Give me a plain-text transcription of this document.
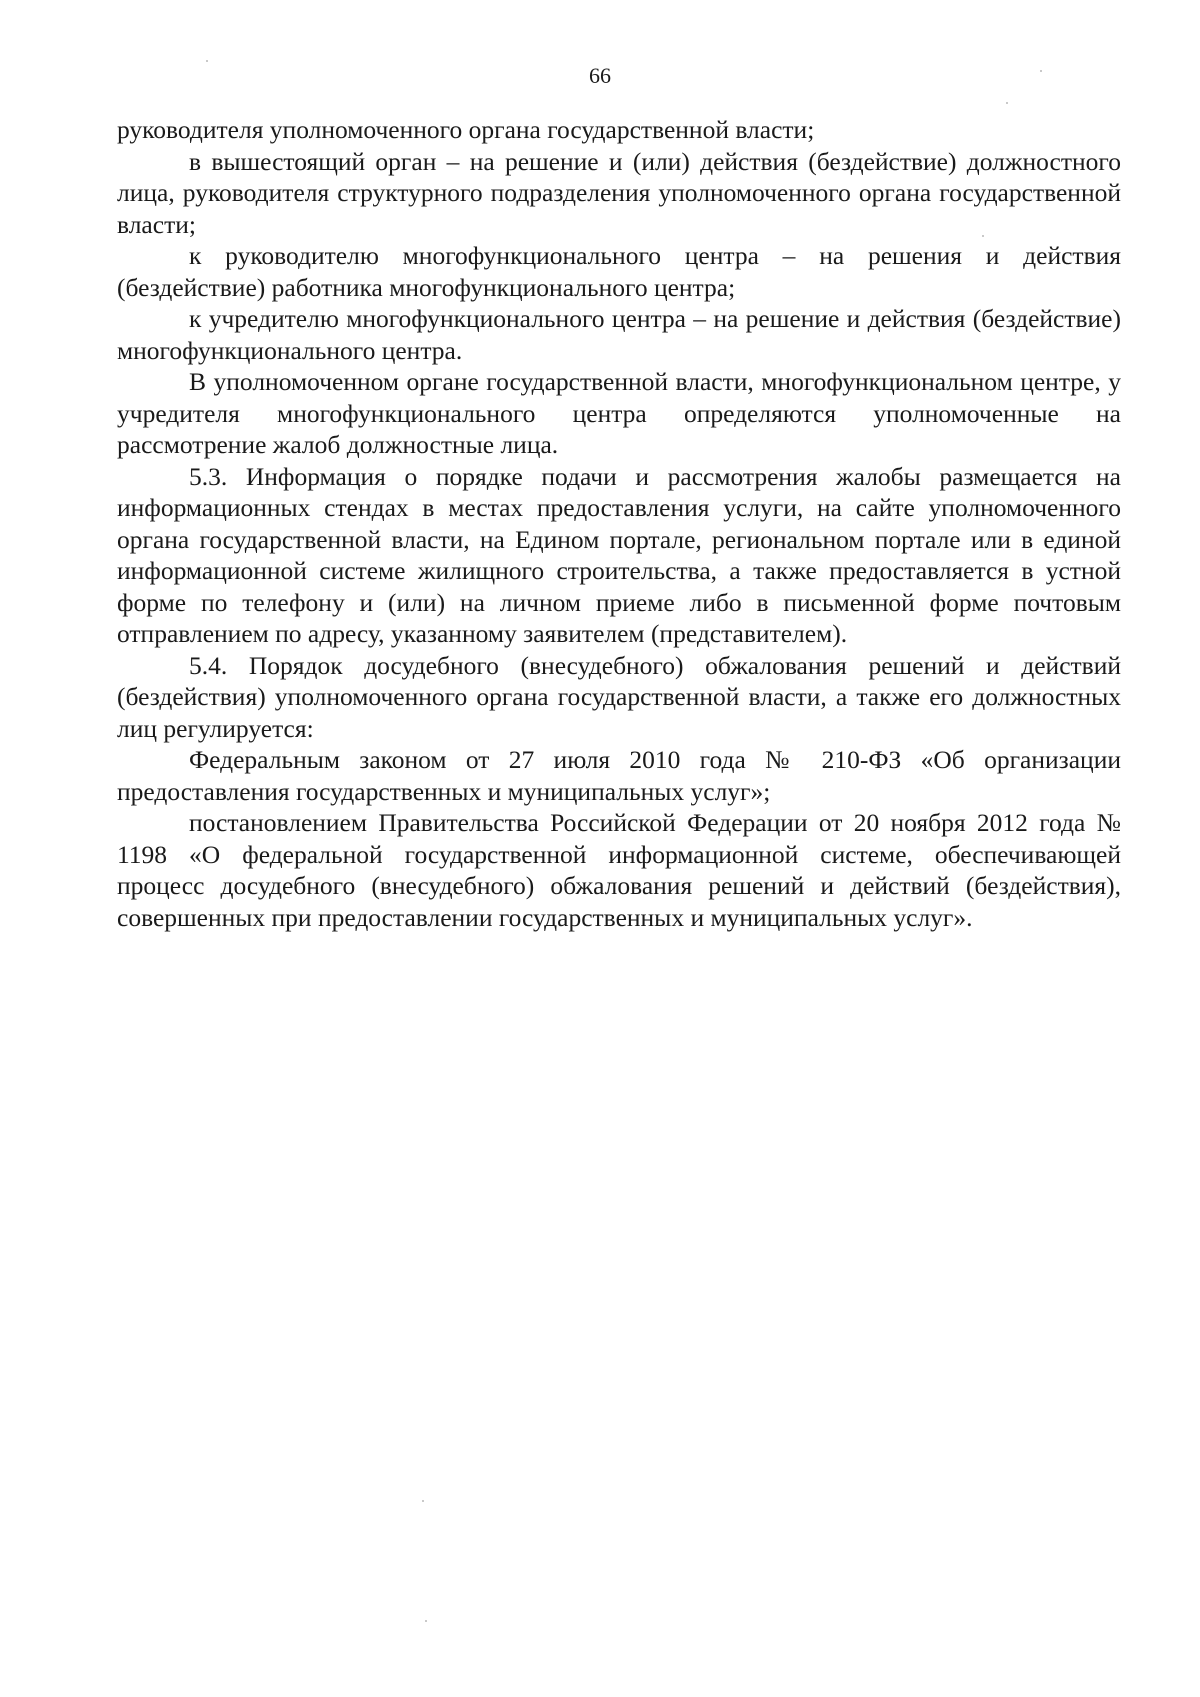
66

руководителя уполномоченного органа государственной власти;

в вышестоящий орган – на решение и (или) действия (бездействие) должностного лица, руководителя структурного подразделения уполномоченного органа государственной власти;

к руководителю многофункционального центра – на решения и действия (бездействие) работника многофункционального центра;

к учредителю многофункционального центра – на решение и действия (бездействие) многофункционального центра.

В уполномоченном органе государственной власти, многофункциональном центре, у учредителя многофункционального центра определяются уполномоченные на рассмотрение жалоб должностные лица.

5.3. Информация о порядке подачи и рассмотрения жалобы размещается на информационных стендах в местах предоставления услуги, на сайте уполномоченного органа государственной власти, на Едином портале, региональном портале или в единой информационной системе жилищного строительства, а также предоставляется в устной форме по телефону и (или) на личном приеме либо в письменной форме почтовым отправлением по адресу, указанному заявителем (представителем).

5.4. Порядок досудебного (внесудебного) обжалования решений и действий (бездействия) уполномоченного органа государственной власти, а также его должностных лиц регулируется:

Федеральным законом от 27 июля 2010 года № 210-ФЗ «Об организации предоставления государственных и муниципальных услуг»;

постановлением Правительства Российской Федерации от 20 ноября 2012 года № 1198 «О федеральной государственной информационной системе, обеспечивающей процесс досудебного (внесудебного) обжалования решений и действий (бездействия), совершенных при предоставлении государственных и муниципальных услуг».
